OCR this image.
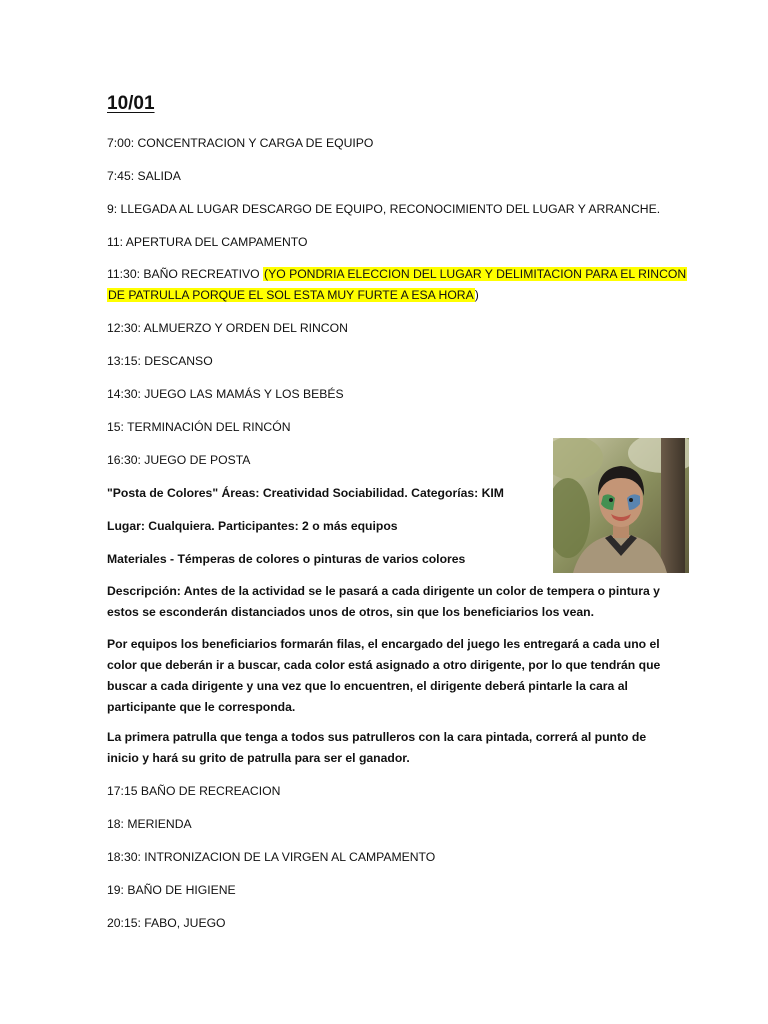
10/01

7:00: CONCENTRACION Y CARGA DE EQUIPO

7:45: SALIDA

9: LLEGADA AL LUGAR DESCARGO DE EQUIPO, RECONOCIMIENTO DEL LUGAR Y ARRANCHE.

11: APERTURA DEL CAMPAMENTO

11:30: BAÑO RECREATIVO (YO PONDRIA ELECCION DEL LUGAR Y DELIMITACION PARA EL RINCON

DE PATRULLA PORQUE EL SOL ESTA MUY FURTE A ESA HORA)

12:30: ALMUERZO Y ORDEN DEL RINCON

13:15: DESCANSO

14:30: JUEGO LAS MAMÁS Y LOS BEBÉS

15: TERMINACIÓN DEL RINCÓN

16:30: JUEGO DE POSTA

"Posta de Colores" Áreas: Creatividad Sociabilidad. Categorías: KIM

Lugar: Cualquiera. Participantes: 2 o más equipos

Materiales - Témperas de colores o pinturas de varios colores

Descripción: Antes de la actividad se le pasará a cada dirigente un color de tempera o pintura y estos se esconderán distanciados unos de otros, sin que los beneficiarios los vean.

Por equipos los beneficiarios formarán filas, el encargado del juego les entregará a cada uno el color que deberán ir a buscar, cada color está asignado a otro dirigente, por lo que tendrán que buscar a cada dirigente y una vez que lo encuentren, el dirigente deberá pintarle la cara al participante que le corresponda.

La primera patrulla que tenga a todos sus patrulleros con la cara pintada, correrá al punto de inicio y hará su grito de patrulla para ser el ganador.

17:15 BAÑO DE RECREACION

18: MERIENDA

18:30: INTRONIZACION DE LA VIRGEN AL CAMPAMENTO

19: BAÑO DE HIGIENE

20:15: FABO, JUEGO
